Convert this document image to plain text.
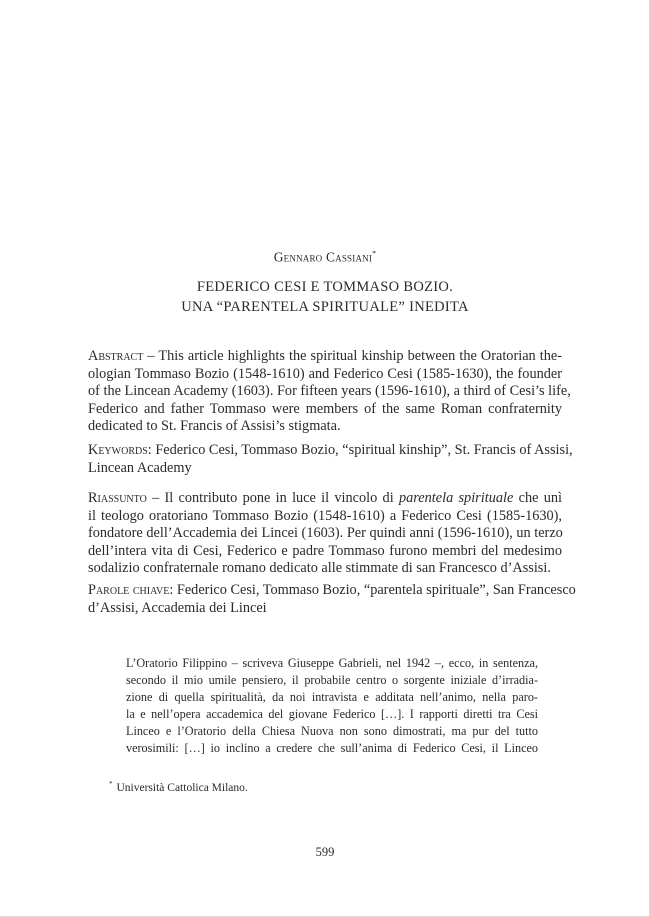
Gennaro Cassiani*
FEDERICO CESI E TOMMASO BOZIO.
UNA “PARENTELA SPIRITUALE” INEDITA
Abstract – This article highlights the spiritual kinship between the Oratorian the-
ologian Tommaso Bozio (1548-1610) and Federico Cesi (1585-1630), the founder
of the Lincean Academy (1603). For fifteen years (1596-1610), a third of Cesi’s life,
Federico and father Tommaso were members of the same Roman confraternity
dedicated to St. Francis of Assisi’s stigmata.
Keywords: Federico Cesi, Tommaso Bozio, “spiritual kinship”, St. Francis of Assisi,
Lincean Academy
Riassunto – Il contributo pone in luce il vincolo di parentela spirituale che unì
il teologo oratoriano Tommaso Bozio (1548-1610) a Federico Cesi (1585-1630),
fondatore dell’Accademia dei Lincei (1603). Per quindi anni (1596-1610), un terzo
dell’intera vita di Cesi, Federico e padre Tommaso furono membri del medesimo
sodalizio confraternale romano dedicato alle stimmate di san Francesco d’Assisi.
Parole chiave: Federico Cesi, Tommaso Bozio, “parentela spirituale”, San Francesco
d’Assisi, Accademia dei Lincei
L’Oratorio Filippino – scriveva Giuseppe Gabrieli, nel 1942 –, ecco, in sentenza,
secondo il mio umile pensiero, il probabile centro o sorgente iniziale d’irradia-
zione di quella spiritualità, da noi intravista e additata nell’animo, nella paro-
la e nell’opera accademica del giovane Federico […]. I rapporti diretti tra Cesi
Linceo e l’Oratorio della Chiesa Nuova non sono dimostrati, ma pur del tutto
verosimili: […] io inclino a credere che sull’anima di Federico Cesi, il Linceo
* Università Cattolica Milano.
599
